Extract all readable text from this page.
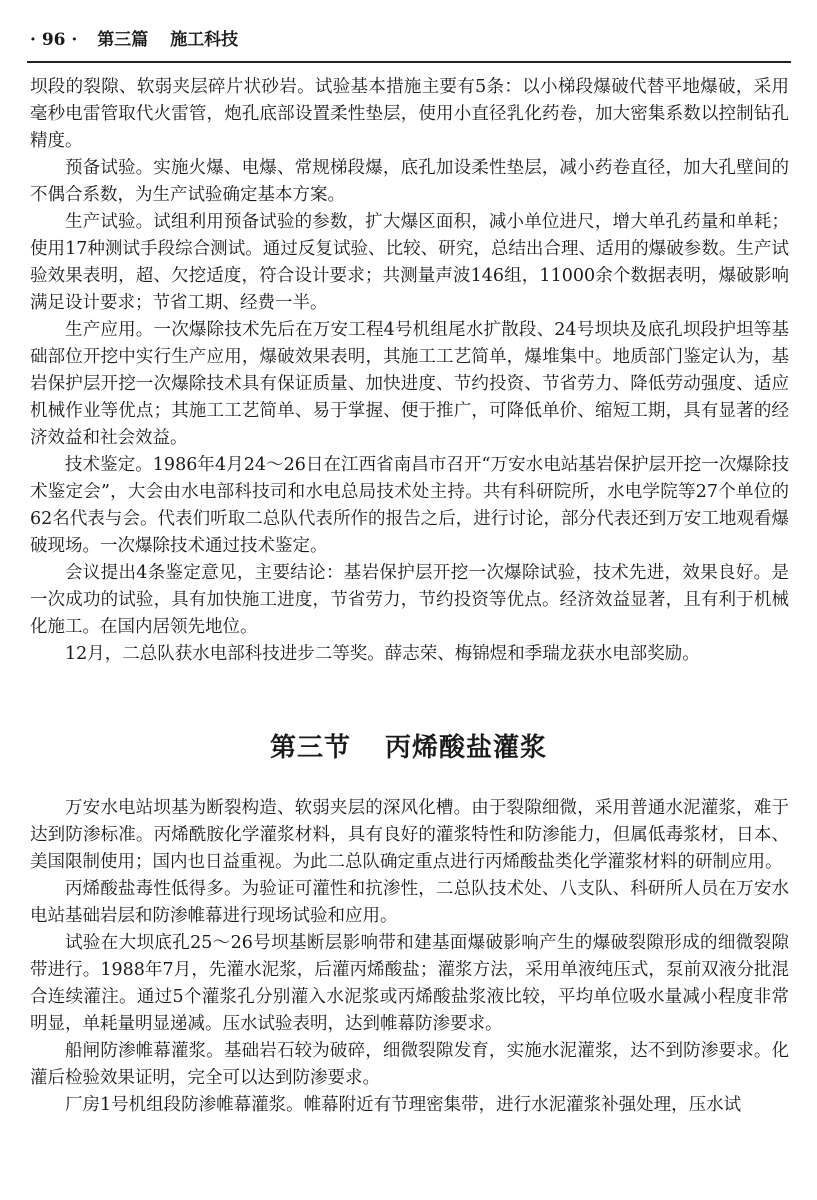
· 96 · 第三篇 施工科技

坝段的裂隙、软弱夹层碎片状砂岩。试验基本措施主要有5条：以小梯段爆破代替平地爆破，采用毫秒电雷管取代火雷管，炮孔底部设置柔性垫层，使用小直径乳化药卷，加大密集系数以控制钻孔精度。

预备试验。实施火爆、电爆、常规梯段爆，底孔加设柔性垫层，减小药卷直径，加大孔壁间的不偶合系数，为生产试验确定基本方案。

生产试验。试组利用预备试验的参数，扩大爆区面积，减小单位进尺，增大单孔药量和单耗；使用17种测试手段综合测试。通过反复试验、比较、研究，总结出合理、适用的爆破参数。生产试验效果表明，超、欠挖适度，符合设计要求；共测量声波146组，11000余个数据表明，爆破影响满足设计要求；节省工期、经费一半。

生产应用。一次爆除技术先后在万安工程4号机组尾水扩散段、24号坝块及底孔坝段护坦等基础部位开挖中实行生产应用，爆破效果表明，其施工工艺简单，爆堆集中。地质部门鉴定认为，基岩保护层开挖一次爆除技术具有保证质量、加快进度、节约投资、节省劳力、降低劳动强度、适应机械作业等优点；其施工工艺简单、易于掌握、便于推广，可降低单价、缩短工期，具有显著的经济效益和社会效益。

技术鉴定。1986年4月24～26日在江西省南昌市召开“万安水电站基岩保护层开挖一次爆除技术鉴定会”，大会由水电部科技司和水电总局技术处主持。共有科研院所，水电学院等27个单位的62名代表与会。代表们听取二总队代表所作的报告之后，进行讨论，部分代表还到万安工地观看爆破现场。一次爆除技术通过技术鉴定。

会议提出4条鉴定意见，主要结论：基岩保护层开挖一次爆除试验，技术先进，效果良好。是一次成功的试验，具有加快施工进度，节省劳力，节约投资等优点。经济效益显著，且有利于机械化施工。在国内居领先地位。

12月，二总队获水电部科技进步二等奖。薛志荣、梅锦煜和季瑞龙获水电部奖励。

第三节 丙烯酸盐灌浆

万安水电站坝基为断裂构造、软弱夹层的深风化槽。由于裂隙细微，采用普通水泥灌浆，难于达到防渗标准。丙烯酰胺化学灌浆材料，具有良好的灌浆特性和防渗能力，但属低毒浆材，日本、美国限制使用；国内也日益重视。为此二总队确定重点进行丙烯酸盐类化学灌浆材料的研制应用。

丙烯酸盐毒性低得多。为验证可灌性和抗渗性，二总队技术处、八支队、科研所人员在万安水电站基础岩层和防渗帷幕进行现场试验和应用。

试验在大坝底孔25～26号坝基断层影响带和建基面爆破影响产生的爆破裂隙形成的细微裂隙带进行。1988年7月，先灌水泥浆，后灌丙烯酸盐；灌浆方法，采用单液纯压式，泵前双液分批混合连续灌注。通过5个灌浆孔分别灌入水泥浆或丙烯酸盐浆液比较，平均单位吸水量减小程度非常明显，单耗量明显递减。压水试验表明，达到帷幕防渗要求。

船闸防渗帷幕灌浆。基础岩石较为破碎，细微裂隙发育，实施水泥灌浆，达不到防渗要求。化灌后检验效果证明，完全可以达到防渗要求。

厂房1号机组段防渗帷幕灌浆。帷幕附近有节理密集带，进行水泥灌浆补强处理，压水试
